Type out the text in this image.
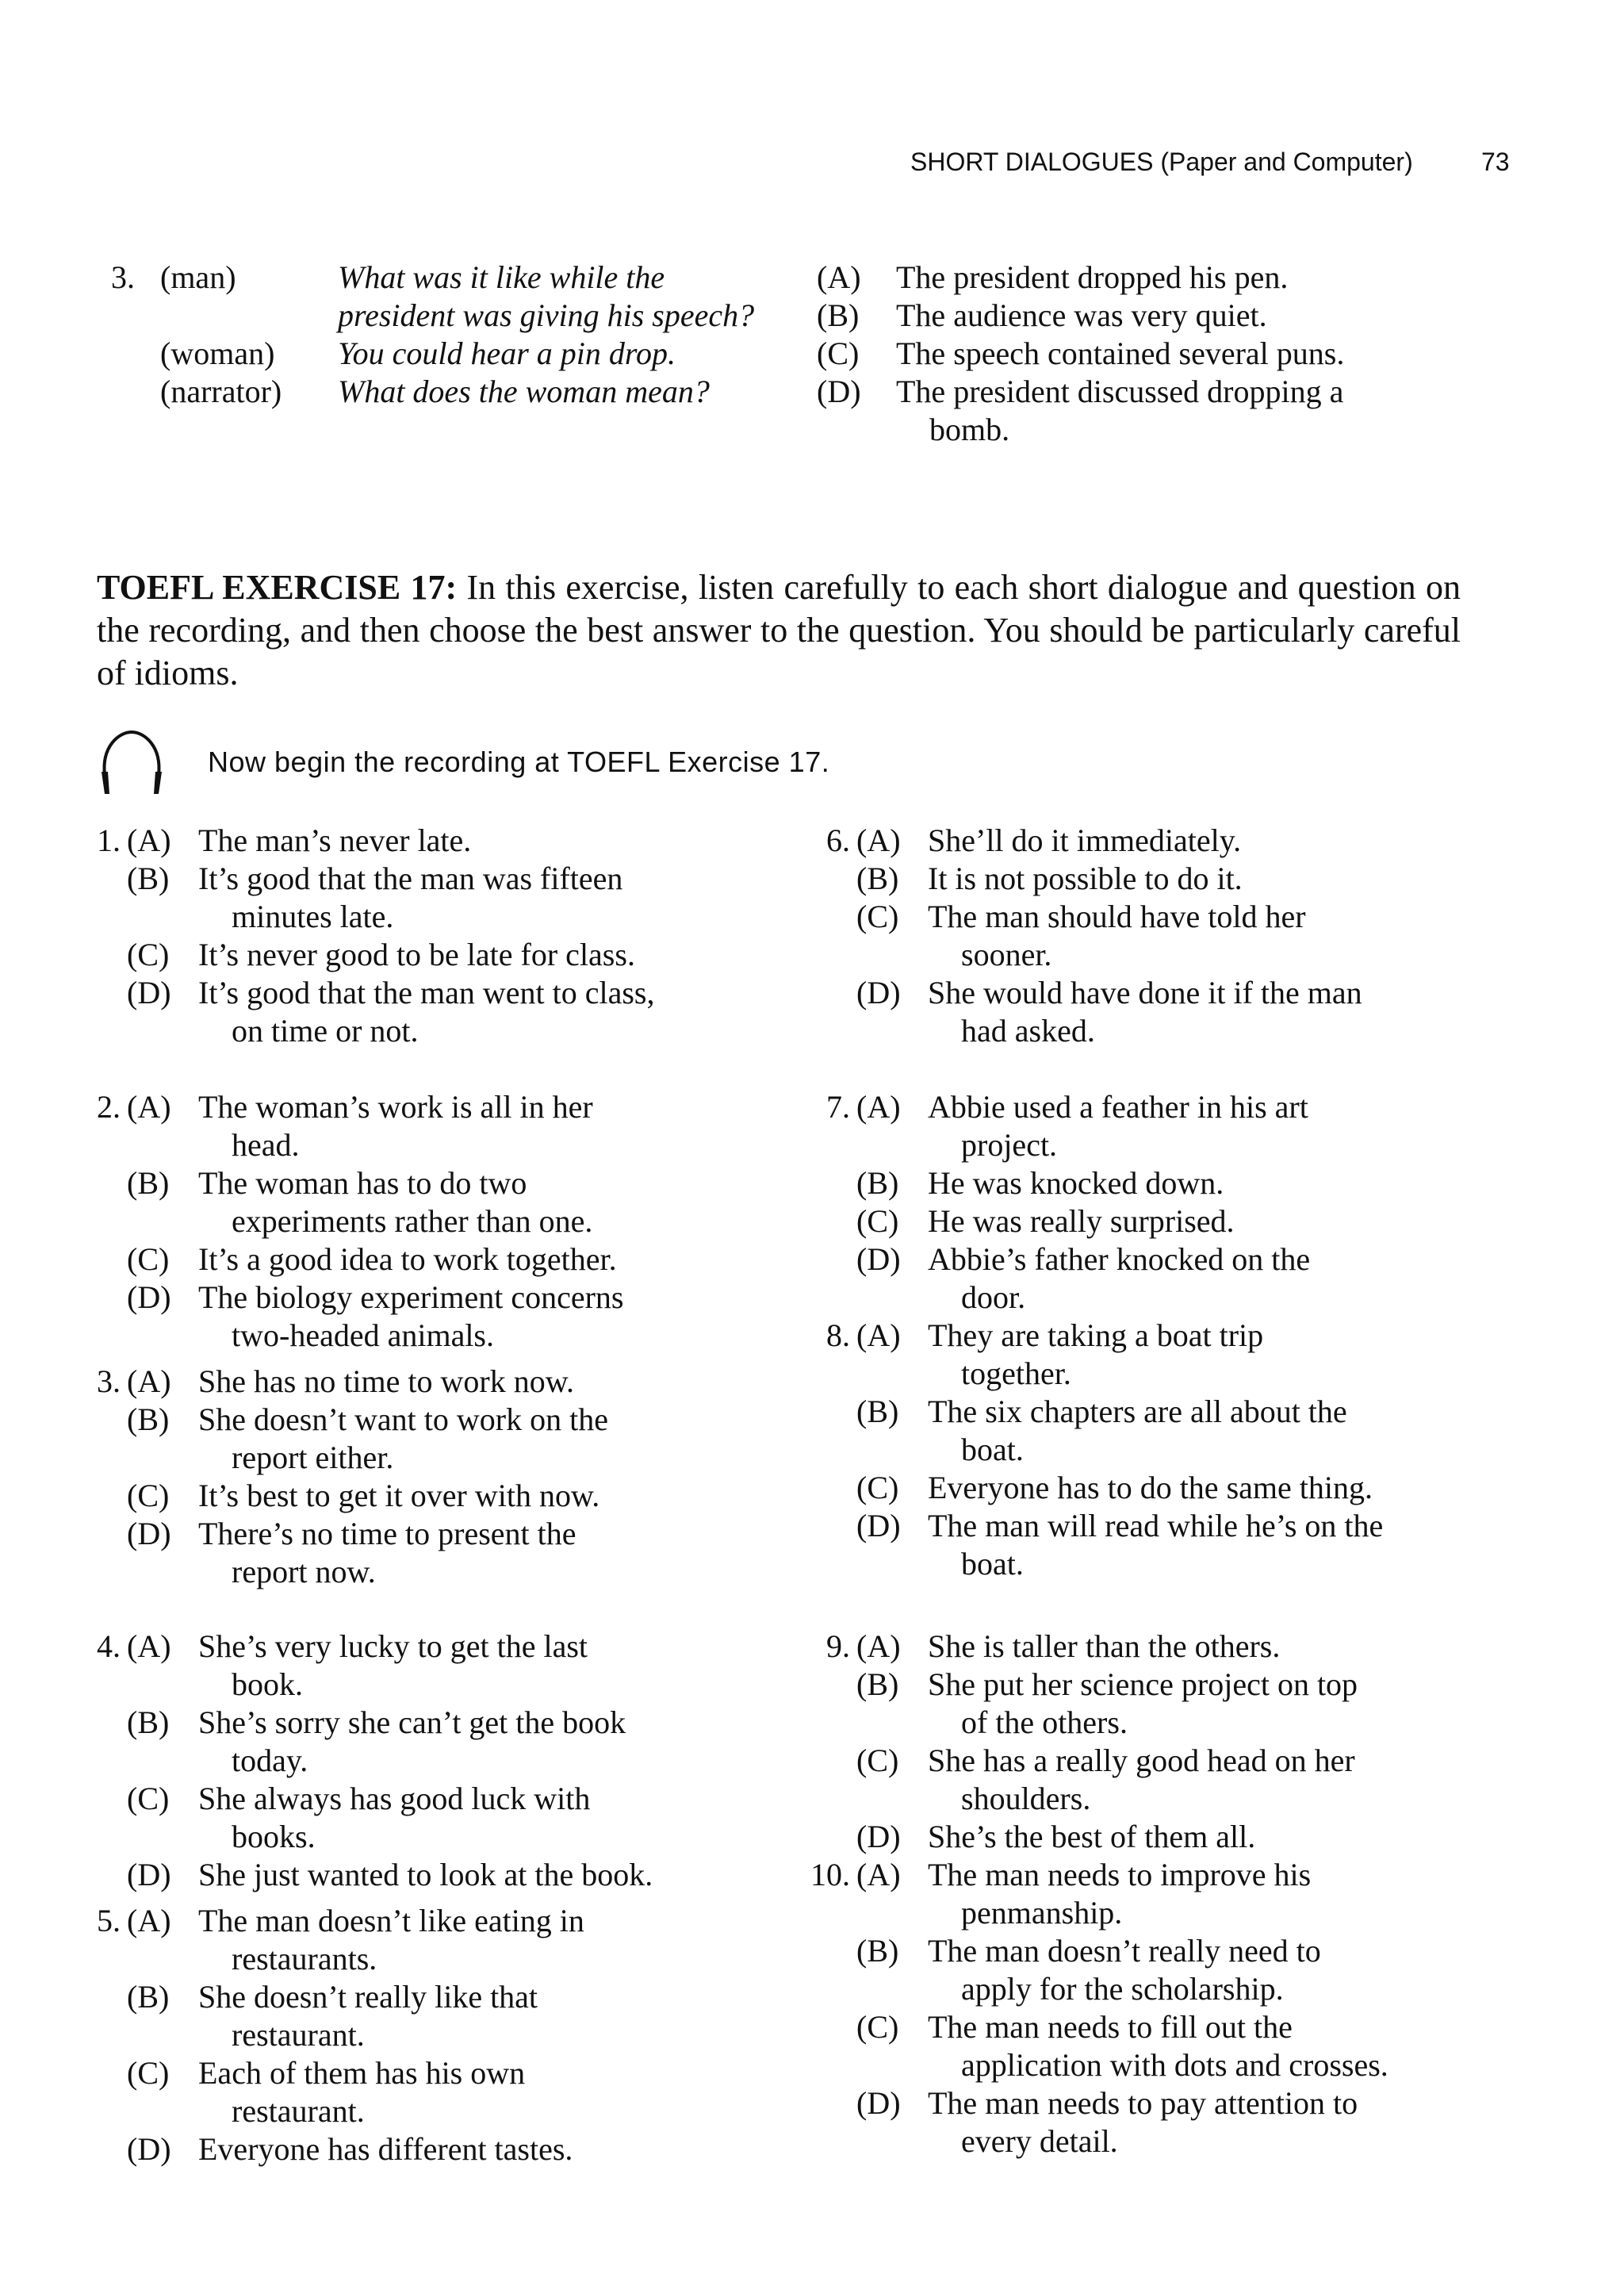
SHORT DIALOGUES (Paper and Computer)	73
3. (man)	What was it like while the
president was giving his speech?
(woman) You could hear a pin drop.
(narrator) What does the woman mean?
(A) The president dropped his pen.
(B) The audience was very quiet.
(C) The speech contained several puns.
(D) The president discussed dropping a
bomb.
TOEFL EXERCISE 17: In this exercise, listen carefully to each short dialogue and question on the recording, and then choose the best answer to the question. You should be particularly careful of idioms.
Now begin the recording at TOEFL Exercise 17.
1. (A) The man’s never late.
(B) It’s good that the man was fifteen
minutes late.
(C) It’s never good to be late for class.
(D) It’s good that the man went to class,
on time or not.
2. (A) The woman’s work is all in her
head.
(B) The woman has to do two
experiments rather than one.
(C) It’s a good idea to work together.
(D) The biology experiment concerns
two-headed animals.
3. (A) She has no time to work now.
(B) She doesn’t want to work on the
report either.
(C) It’s best to get it over with now.
(D) There’s no time to present the
report now.
4. (A) She’s very lucky to get the last
book.
(B) She’s sorry she can’t get the book
today.
(C) She always has good luck with
books.
(D) She just wanted to look at the book.
5. (A) The man doesn’t like eating in
restaurants.
(B) She doesn’t really like that
restaurant.
(C) Each of them has his own
restaurant.
(D) Everyone has different tastes.
6. (A) She’ll do it immediately.
(B) It is not possible to do it.
(C) The man should have told her
sooner.
(D) She would have done it if the man
had asked.
7. (A) Abbie used a feather in his art
project.
(B) He was knocked down.
(C) He was really surprised.
(D) Abbie’s father knocked on the
door.
8. (A) They are taking a boat trip
together.
(B) The six chapters are all about the
boat.
(C) Everyone has to do the same thing.
(D) The man will read while he’s on the
boat.
9. (A) She is taller than the others.
(B) She put her science project on top
of the others.
(C) She has a really good head on her
shoulders.
(D) She’s the best of them all.
10. (A) The man needs to improve his
penmanship.
(B) The man doesn’t really need to
apply for the scholarship.
(C) The man needs to fill out the
application with dots and crosses.
(D) The man needs to pay attention to
every detail.
